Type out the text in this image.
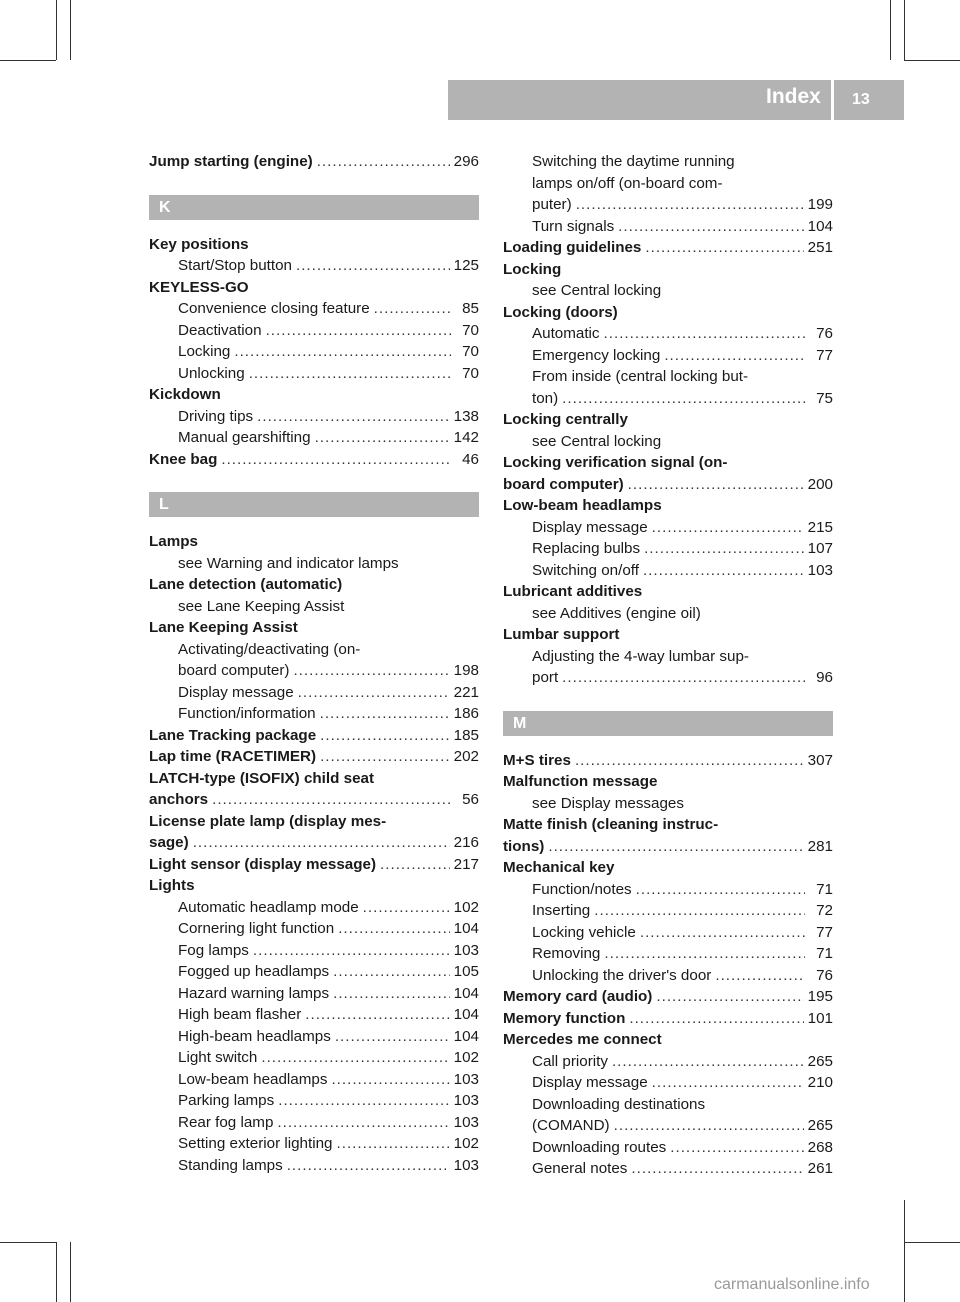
Index 13
Jump starting (engine) .....	296
K
Key positions
Start/Stop button .....	125
KEYLESS-GO
Convenience closing feature .....	85
Deactivation .....	70
Locking .....	70
Unlocking .....	70
Kickdown
Driving tips .....	138
Manual gearshifting .....	142
Knee bag .....	46
L
Lamps
see Warning and indicator lamps
Lane detection (automatic)
see Lane Keeping Assist
Lane Keeping Assist
Activating/deactivating (on-
board computer) .....	198
Display message .....	221
Function/information .....	186
Lane Tracking package .....	185
Lap time (RACETIMER) .....	202
LATCH-type (ISOFIX) child seat
anchors .....	56
License plate lamp (display mes-
sage) .....	216
Light sensor (display message) .....	217
Lights
Automatic headlamp mode .....	102
Cornering light function .....	104
Fog lamps .....	103
Fogged up headlamps .....	105
Hazard warning lamps .....	104
High beam flasher .....	104
High-beam headlamps .....	104
Light switch .....	102
Low-beam headlamps .....	103
Parking lamps .....	103
Rear fog lamp .....	103
Setting exterior lighting .....	102
Standing lamps .....	103
Switching the daytime running
lamps on/off (on-board com-
puter) .....	199
Turn signals .....	104
Loading guidelines .....	251
Locking
see Central locking
Locking (doors)
Automatic .....	76
Emergency locking .....	77
From inside (central locking but-
ton) .....	75
Locking centrally
see Central locking
Locking verification signal (on-
board computer) .....	200
Low-beam headlamps
Display message .....	215
Replacing bulbs .....	107
Switching on/off .....	103
Lubricant additives
see Additives (engine oil)
Lumbar support
Adjusting the 4-way lumbar sup-
port .....	96
M
M+S tires .....	307
Malfunction message
see Display messages
Matte finish (cleaning instruc-
tions) .....	281
Mechanical key
Function/notes .....	71
Inserting .....	72
Locking vehicle .....	77
Removing .....	71
Unlocking the driver's door .....	76
Memory card (audio) .....	195
Memory function .....	101
Mercedes me connect
Call priority .....	265
Display message .....	210
Downloading destinations
(COMAND) .....	265
Downloading routes .....	268
General notes .....	261
carmanualsonline.info
